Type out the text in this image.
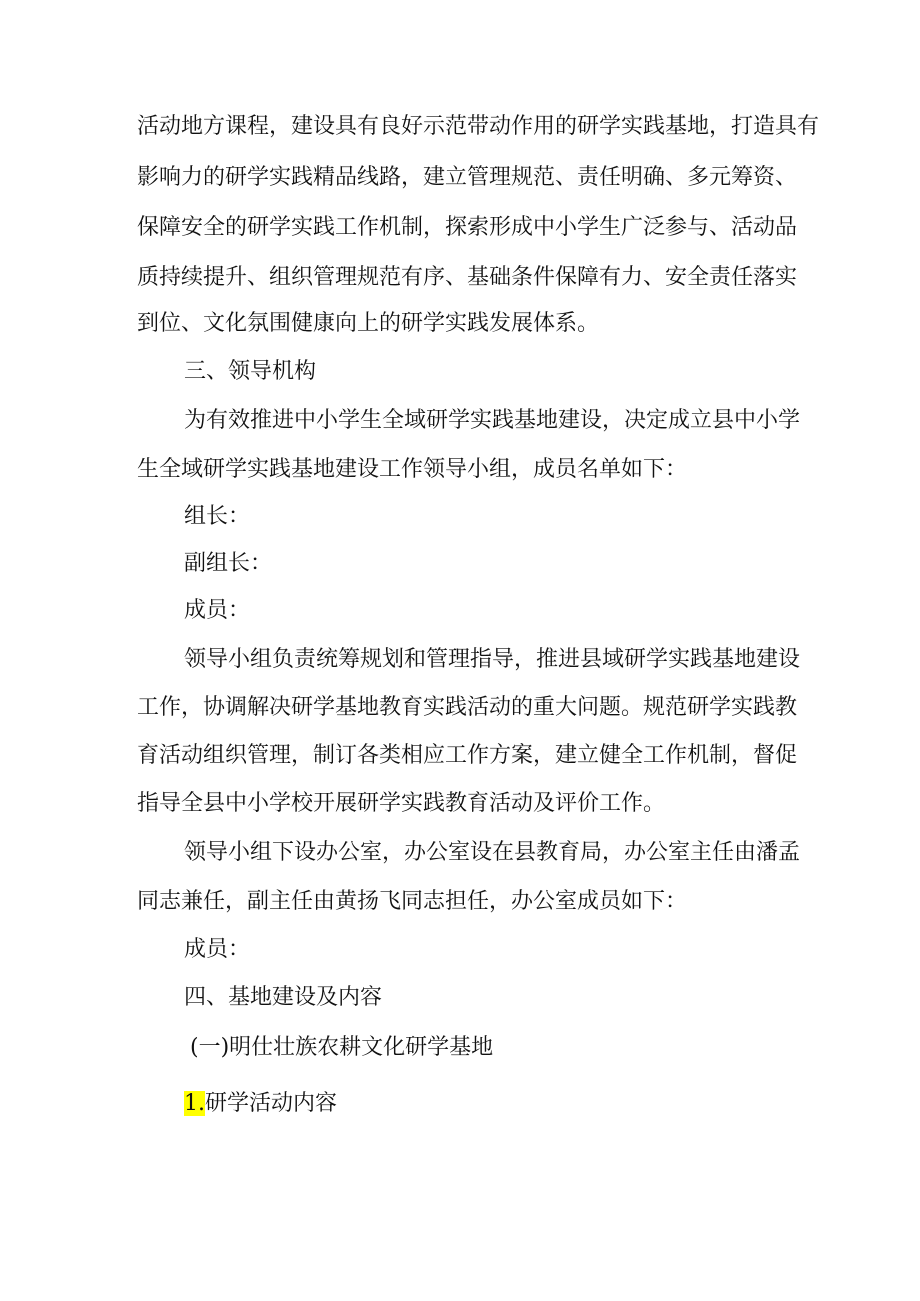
活动地方课程，建设具有良好示范带动作用的研学实践基地，打造具有

影响力的研学实践精品线路，建立管理规范、责任明确、多元筹资、

保障安全的研学实践工作机制，探索形成中小学生广泛参与、活动品

质持续提升、组织管理规范有序、基础条件保障有力、安全责任落实

到位、文化氛围健康向上的研学实践发展体系。

三、领导机构

为有效推进中小学生全域研学实践基地建设，决定成立县中小学

生全域研学实践基地建设工作领导小组，成员名单如下：

组长：

副组长：

成员：

领导小组负责统筹规划和管理指导，推进县域研学实践基地建设

工作，协调解决研学基地教育实践活动的重大问题。规范研学实践教

育活动组织管理，制订各类相应工作方案，建立健全工作机制，督促

指导全县中小学校开展研学实践教育活动及评价工作。

领导小组下设办公室，办公室设在县教育局，办公室主任由潘孟

同志兼任，副主任由黄扬飞同志担任，办公室成员如下：

成员：

四、基地建设及内容

(一)明仕壮族农耕文化研学基地

1.研学活动内容
